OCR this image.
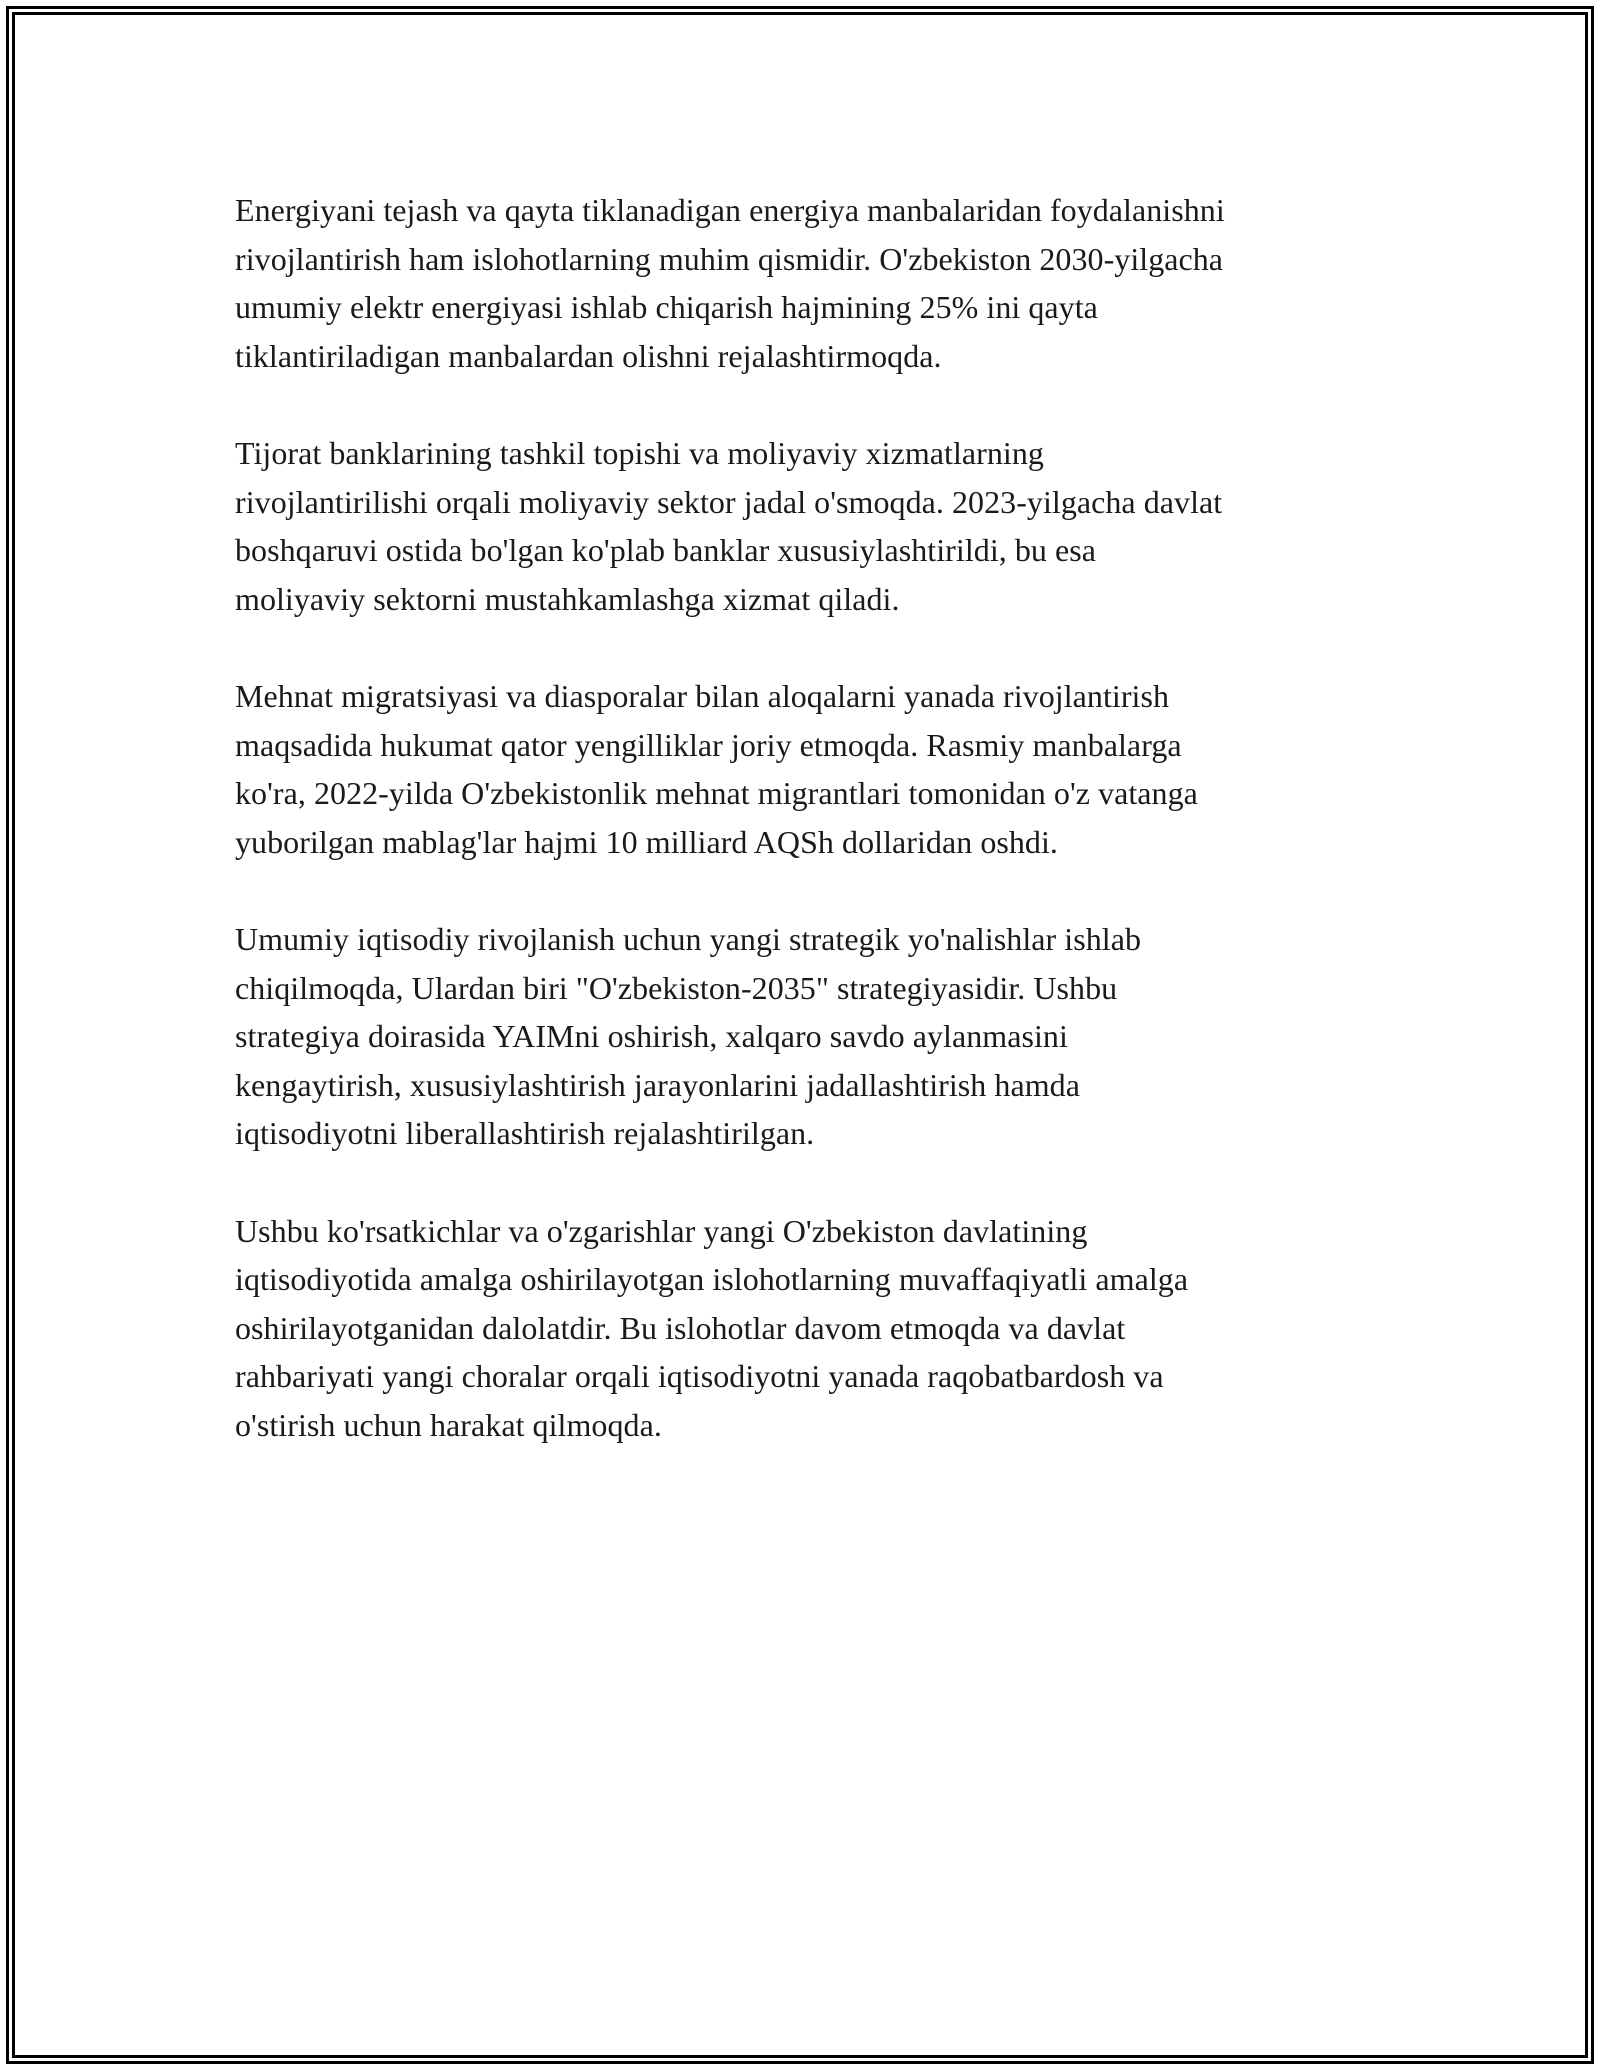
Energiyani tejash va qayta tiklanadigan energiya manbalaridan foydalanishni
rivojlantirish ham islohotlarning muhim qismidir. O'zbekiston 2030-yilgacha
umumiy elektr energiyasi ishlab chiqarish hajmining 25% ini qayta
tiklantiriladigan manbalardan olishni rejalashtirmoqda.

Tijorat banklarining tashkil topishi va moliyaviy xizmatlarning
rivojlantirilishi orqali moliyaviy sektor jadal o'smoqda. 2023-yilgacha davlat
boshqaruvi ostida bo'lgan ko'plab banklar xususiylashtirildi, bu esa
moliyaviy sektorni mustahkamlashga xizmat qiladi.

Mehnat migratsiyasi va diasporalar bilan aloqalarni yanada rivojlantirish
maqsadida hukumat qator yengilliklar joriy etmoqda. Rasmiy manbalarga
ko'ra, 2022-yilda O'zbekistonlik mehnat migrantlari tomonidan o'z vatanga
yuborilgan mablag'lar hajmi 10 milliard AQSh dollaridan oshdi.

Umumiy iqtisodiy rivojlanish uchun yangi strategik yo'nalishlar ishlab
chiqilmoqda, Ulardan biri "O'zbekiston-2035" strategiyasidir. Ushbu
strategiya doirasida YAIMni oshirish, xalqaro savdo aylanmasini
kengaytirish, xususiylashtirish jarayonlarini jadallashtirish hamda
iqtisodiyotni liberallashtirish rejalashtirilgan.

Ushbu ko'rsatkichlar va o'zgarishlar yangi O'zbekiston davlatining
iqtisodiyotida amalga oshirilayotgan islohotlarning muvaffaqiyatli amalga
oshirilayotganidan dalolatdir. Bu islohotlar davom etmoqda va davlat
rahbariyati yangi choralar orqali iqtisodiyotni yanada raqobatbardosh va
o'stirish uchun harakat qilmoqda.
